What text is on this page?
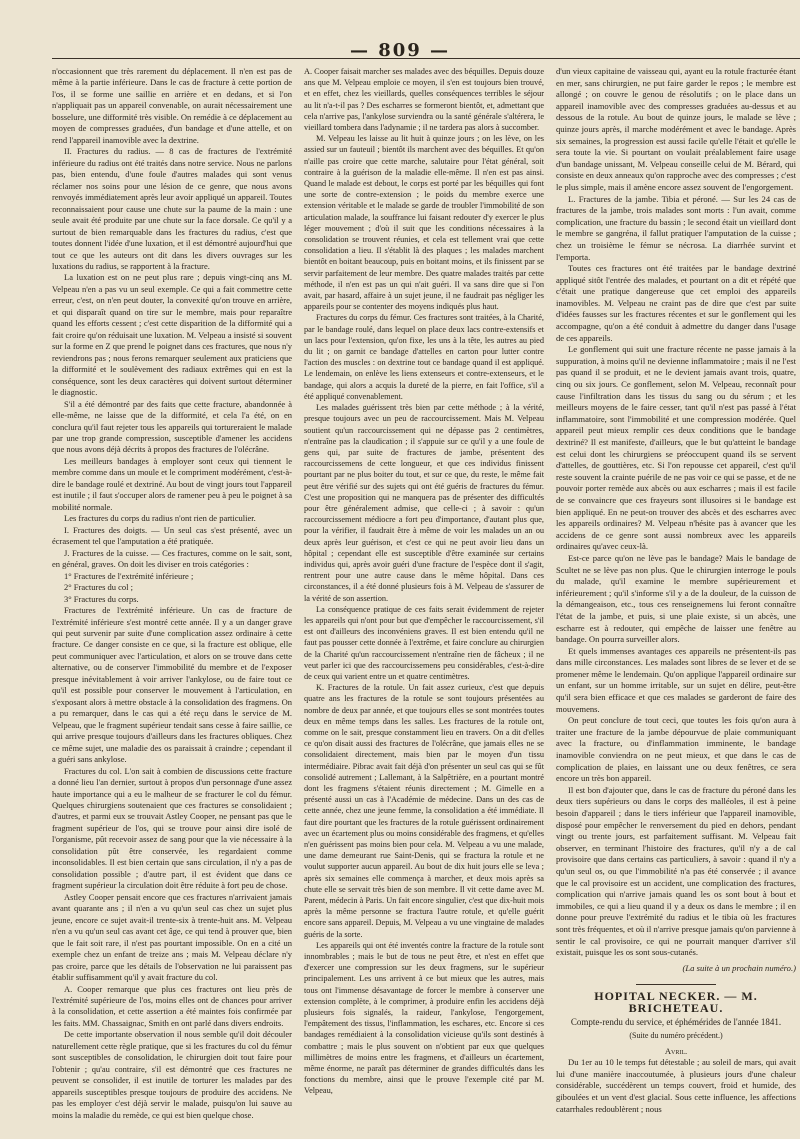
— 809 —

n'occasionnent que très rarement du déplacement. Il n'en est pas de même à la partie inférieure. Dans le cas de fracture à cette portion de l'os, il se forme une saillie en arrière et en dedans, et si l'on n'appliquait pas un appareil convenable, on aurait nécessairement une bosselure, une difformité très visible. On remédie à ce déplacement au moyen de compresses graduées, d'un bandage et d'une attelle, et on rend l'appareil inamovible avec la dextrine.

II. Fractures du radius. — 8 cas de fractures de l'extrémité inférieure du radius ont été traités dans notre service. Nous ne parlons pas, bien entendu, d'une foule d'autres malades qui sont venus réclamer nos soins pour une lésion de ce genre, que nous avons renvoyés immédiatement après leur avoir appliqué un appareil. Toutes reconnaissaient pour cause une chute sur la paume de la main : une seule avait été produite par une chute sur la face dorsale. Ce qu'il y a surtout de bien remarquable dans les fractures du radius, c'est que toutes donnent l'idée d'une luxation, et il est démontré aujourd'hui que tout ce que les auteurs ont dit dans les divers ouvrages sur les luxations du radius, se rapportent à la fracture.

La luxation est on ne peut plus rare ; depuis vingt-cinq ans M. Velpeau n'en a pas vu un seul exemple. Ce qui a fait commettre cette erreur, c'est, on n'en peut douter, la convexité qu'on trouve en arrière, et qui disparaît quand on tire sur le membre, mais pour reparaître quand les efforts cessent ; c'est cette disparition de la difformité qui a fait croire qu'on réduisait une luxation. M. Velpeau a insisté si souvent sur la forme en Z que prend le poignet dans ces fractures, que nous n'y reviendrons pas ; nous ferons remarquer seulement aux praticiens que la difformité et le soulèvement des radiaux extrêmes qui en est la conséquence, sont les deux caractères qui doivent surtout déterminer le diagnostic.

S'il a été démontré par des faits que cette fracture, abandonnée à elle-même, ne laisse que de la difformité, et cela l'a été, on en conclura qu'il faut rejeter tous les appareils qui tortureraient le malade par une trop grande compression, susceptible d'amener les accidens que nous avons déjà décrits à propos des fractures de l'olécrâne.

Les meilleurs bandages à employer sont ceux qui tiennent le membre comme dans un moule et le compriment modérément, c'est-à-dire le bandage roulé et dextriné. Au bout de vingt jours tout l'appareil est inutile ; il faut s'occuper alors de ramener peu à peu le poignet à sa mobilité normale.

Les fractures du corps du radius n'ont rien de particulier.

I. Fractures des doigts. — Un seul cas s'est présenté, avec un écrasement tel que l'amputation a été pratiquée.

J. Fractures de la cuisse. — Ces fractures, comme on le sait, sont, en général, graves. On doit les diviser en trois catégories :

1° Fractures de l'extrémité inférieure ;

2° Fractures du col ;

3° Fractures du corps.

Fractures de l'extrémité inférieure. Un cas de fracture de l'extrémité inférieure s'est montré cette année. Il y a un danger grave qui peut survenir par suite d'une complication assez ordinaire à cette fracture. Ce danger consiste en ce que, si la fracture est oblique, elle peut communiquer avec l'articulation, et alors on se trouve dans cette alternative, ou de conserver l'immobilité du membre et de l'exposer presque inévitablement à voir arriver l'ankylose, ou de faire tout ce qu'il est possible pour conserver le mouvement à l'articulation, en s'exposant alors à mettre obstacle à la consolidation des fragmens. On a pu remarquer, dans le cas qui a été reçu dans le service de M. Velpeau, que le fragment supérieur tendait sans cesse à faire saillie, ce qui arrive presque toujours d'ailleurs dans les fractures obliques. Chez ce même sujet, une maladie des os paraissait à craindre ; cependant il a guéri sans ankylose.

Fractures du col. L'on sait à combien de discussions cette fracture a donné lieu l'an dernier, surtout à propos d'un personnage d'une assez haute importance qui a eu le malheur de se fracturer le col du fémur. Quelques chirurgiens soutenaient que ces fractures se consolidaient ; d'autres, et parmi eux se trouvait Astley Cooper, ne pensant pas que le fragment supérieur de l'os, qui se trouve pour ainsi dire isolé de l'organisme, pût recevoir assez de sang pour que la vie nécessaire à la consolidation pût être conservée, les regardaient comme inconsolidables. Il est bien certain que sans circulation, il n'y a pas de consolidation possible ; d'autre part, il est évident que dans ce fragment supérieur la circulation doit être réduite à fort peu de chose.

Astley Cooper pensait encore que ces fractures n'arrivaient jamais avant quarante ans ; il n'en a vu qu'un seul cas chez un sujet plus jeune, encore ce sujet avait-il trente-six à trente-huit ans. M. Velpeau n'en a vu qu'un seul cas avant cet âge, ce qui tend à prouver que, bien que le fait soit rare, il n'est pas pourtant impossible. On en a cité un exemple chez un enfant de treize ans ; mais M. Velpeau déclare n'y pas croire, parce que les détails de l'observation ne lui paraissent pas établir suffisamment qu'il y avait fracture du col.

A. Cooper remarque que plus ces fractures ont lieu près de l'extrémité supérieure de l'os, moins elles ont de chances pour arriver à la consolidation, et cette assertion a été maintes fois confirmée par les faits. MM. Chassaignac, Smith en ont parlé dans divers endroits.

De cette importante observation il nous semble qu'il doit découler naturellement cette règle pratique, que si les fractures du col du fémur sont susceptibles de consolidation, le chirurgien doit tout faire pour l'obtenir ; qu'au contraire, s'il est démontré que ces fractures ne peuvent se consolider, il est inutile de torturer les malades par des appareils susceptibles presque toujours de produire des accidens. Ne pas les employer c'est déjà servir le malade, puisqu'on lui sauve au moins la maladie du remède, ce qui est bien quelque chose.

A. Cooper faisait marcher ses malades avec des béquilles. Depuis douze ans que M. Velpeau emploie ce moyen, il s'en est toujours bien trouvé, et en effet, chez les vieillards, quelles conséquences terribles le séjour au lit n'a-t-il pas ? Des escharres se formeront bientôt, et, admettant que cela n'arrive pas, l'ankylose surviendra ou la santé générale s'altérera, le vieillard tombera dans l'adynamie ; il ne tardera pas alors à succomber.

M. Velpeau les laisse au lit huit à quinze jours ; on les lève, on les assied sur un fauteuil ; bientôt ils marchent avec des béquilles. Et qu'on n'aille pas croire que cette marche, salutaire pour l'état général, soit contraire à la guérison de la maladie elle-même. Il n'en est pas ainsi. Quand le malade est debout, le corps est porté par les béquilles qui font une sorte de contre-extension ; le poids du membre exerce une extension véritable et le malade se garde de troubler l'immobilité de son articulation malade, la souffrance lui faisant redouter d'y exercer le plus léger mouvement ; d'où il suit que les conditions nécessaires à la consolidation se trouvent réunies, et cela est tellement vrai que cette consolidation a lieu. Il s'établit là des plaques ; les malades marchent bientôt en boitant beaucoup, puis en boitant moins, et ils finissent par se servir parfaitement de leur membre. Des quatre malades traités par cette méthode, il n'en est pas un qui n'ait guéri. Il va sans dire que si l'on avait, par hasard, affaire à un sujet jeune, il ne faudrait pas négliger les appareils pour se contenter des moyens indiqués plus haut.

Fractures du corps du fémur. Ces fractures sont traitées, à la Charité, par le bandage roulé, dans lequel on place deux lacs contre-extensifs et un lacs pour l'extension, qu'on fixe, les uns à la tête, les autres au pied du lit ; on garnit ce bandage d'attelles en carton pour lutter contre l'action des muscles : on dextrine tout ce bandage quand il est appliqué. Le lendemain, on enlève les liens extenseurs et contre-extenseurs, et le bandage, qui alors a acquis la dureté de la pierre, en fait l'office, s'il a été appliqué convenablement.

Les malades guérissent très bien par cette méthode ; à la vérité, presque toujours avec un peu de raccourcissement. Mais M. Velpeau soutient qu'un raccourcissement qui ne dépasse pas 2 centimètres, n'entraîne pas la claudication ; il s'appuie sur ce qu'il y a une foule de gens qui, par suite de fractures de jambe, présentent des raccourcissemens de cette longueur, et que ces individus finissent pourtant par ne plus boiter du tout, et sur ce que, du reste, le même fait peut être vérifié sur des sujets qui ont été guéris de fractures du fémur. C'est une proposition qui ne manquera pas de présenter des difficultés pour être généralement admise, que celle-ci ; à savoir : qu'un raccourcissement médiocre a fort peu d'importance, d'autant plus que, pour la vérifier, il faudrait être à même de voir les malades un an ou deux après leur guérison, et c'est ce qui ne peut avoir lieu dans un hôpital ; cependant elle est susceptible d'être examinée sur certains individus qui, après avoir guéri d'une fracture de l'espèce dont il s'agit, rentrent pour une autre cause dans le même hôpital. Dans ces circonstances, il a été donné plusieurs fois à M. Velpeau de s'assurer de la vérité de son assertion.

La conséquence pratique de ces faits serait évidemment de rejeter les appareils qui n'ont pour but que d'empêcher le raccourcissement, s'il est ont d'ailleurs des inconvéniens graves. Il est bien entendu qu'il ne faut pas pousser cette donnée à l'extrême, et faire conclure au chirurgien de la Charité qu'un raccourcissement n'entraîne rien de fâcheux ; il ne veut parler ici que des raccourcissemens peu considérables, c'est-à-dire de ceux qui varient entre un et quatre centimètres.

K. Fractures de la rotule. Un fait assez curieux, c'est que depuis quatre ans les fractures de la rotule se sont toujours présentées au nombre de deux par année, et que toujours elles se sont montrées toutes deux en même temps dans les salles. Les fractures de la rotule ont, comme on le sait, presque constamment lieu en travers. On a dit d'elles ce qu'on disait aussi des fractures de l'olécrâne, que jamais elles ne se consolidaient directement, mais bien par le moyen d'un tissu intermédiaire. Pibrac avait fait déjà d'on présenter un seul cas qui se fût consolidé autrement ; Lallemant, à la Salpêtrière, en a pourtant montré dont les fragmens s'étaient réunis directement ; M. Gimelle en a présenté aussi un cas à l'Académie de médecine. Dans un des cas de cette année, chez une jeune femme, la consolidation a été immédiate. Il faut dire pourtant que les fractures de la rotule guérissent ordinairement avec un écartement plus ou moins considérable des fragmens, et qu'elles n'en guérissent pas moins bien pour cela. M. Velpeau a vu une malade, une dame demeurant rue Saint-Denis, qui se fractura la rotule et ne voulut supporter aucun appareil. Au bout de dix huit jours elle se leva ; après six semaines elle commença à marcher, et deux mois après sa chute elle se servait très bien de son membre. Il vit cette dame avec M. Parent, médecin à Paris. Un fait encore singulier, c'est que dix-huit mois après la même personne se fractura l'autre rotule, et qu'elle guérit encore sans appareil. Depuis, M. Velpeau a vu une vingtaine de malades guéris de la sorte.

Les appareils qui ont été inventés contre la fracture de la rotule sont innombrables ; mais le but de tous ne peut être, et n'est en effet que d'exercer une compression sur les deux fragmens, sur le supérieur principalement. Les uns arrivent à ce but mieux que les autres, mais tous ont l'immense désavantage de forcer le membre à conserver une extension complète, à le comprimer, à produire enfin les accidens déjà plusieurs fois signalés, la raideur, l'ankylose, l'engorgement, l'empâtement des tissus, l'inflammation, les eschares, etc. Encore si ces bandages remédiaient à la consolidation vicieuse qu'ils sont destinés à combattre ; mais le plus souvent on n'obtient par eux que quelques millimètres de moins entre les fragmens, et d'ailleurs un écartement, même énorme, ne paraît pas déterminer de grandes difficultés dans les fonctions du membre, ainsi que le prouve l'exemple cité par M. Velpeau,

d'un vieux capitaine de vaisseau qui, ayant eu la rotule fracturée étant en mer, sans chirurgien, ne put faire garder le repos ; le membre est allongé ; on couvre le genou de résolutifs ; on le place dans un appareil inamovible avec des compresses graduées au-dessus et au dessous de la rotule. Au bout de quinze jours, le malade se lève ; quinze jours après, il marche modérément et avec le bandage. Après six semaines, la progression est aussi facile qu'elle l'était et qu'elle le sera toute la vie. Si pourtant on voulait préalablement faire usage d'un bandage unissant, M. Velpeau conseille celui de M. Bérard, qui consiste en deux anneaux qu'on rapproche avec des compresses ; c'est le plus simple, mais il amène encore assez souvent de l'engorgement.

L. Fractures de la jambe. Tibia et péroné. — Sur les 24 cas de fractures de la jambe, trois malades sont morts : l'un avait, comme complication, une fracture du bassin ; le second était un vieillard dont le membre se gangréna, il fallut pratiquer l'amputation de la cuisse ; chez un troisième le fémur se nécrosa. La diarrhée survint et l'emporta.

Toutes ces fractures ont été traitées par le bandage dextriné appliqué sitôt l'entrée des malades, et pourtant on a dit et répété que c'était une pratique dangereuse que cet emploi des appareils inamovibles. M. Velpeau ne craint pas de dire que c'est par suite d'idées fausses sur les fractures récentes et sur le gonflement qui les accompagne, qu'on a été conduit à admettre du danger dans l'usage de ces appareils.

Le gonflement qui suit une fracture récente ne passe jamais à la suppuration, à moins qu'il ne devienne inflammatoire ; mais il ne l'est pas quand il se produit, et ne le devient jamais avant trois, quatre, cinq ou six jours. Ce gonflement, selon M. Velpeau, reconnaît pour cause l'infiltration dans les tissus du sang ou du sérum ; et les meilleurs moyens de le faire cesser, tant qu'il n'est pas passé à l'état inflammatoire, sont l'immobilité et une compression modérée. Quel appareil peut mieux remplir ces deux conditions que le bandage dextriné? Il est manifeste, d'ailleurs, que le but qu'atteint le bandage est celui dont les chirurgiens se préoccupent quand ils se servent d'attelles, de gouttières, etc. Si l'on repousse cet appareil, c'est qu'il reste souvent la crainte puérile de ne pas voir ce qui se passe, et de ne pouvoir porter remède aux abcès ou aux escharres ; mais il est facile de se convaincre que ces frayeurs sont illusoires si le bandage est bien appliqué. En ne peut-on trouver des abcès et des escharres avec les appareils ordinaires? M. Velpeau n'hésite pas à avancer que les accidens de ce genre sont aussi nombreux avec les appareils ordinaires qu'avec ceux-là.

Est-ce parce qu'on ne lève pas le bandage? Mais le bandage de Scultet ne se lève pas non plus. Que le chirurgien interroge le pouls du malade, qu'il examine le membre supérieurement et inférieurement ; qu'il s'informe s'il y a de la douleur, de la cuisson de la démangeaison, etc., tous ces renseignemens lui feront connaître l'état de la jambe, et puis, si une plaie existe, si un abcès, une escharre est à redouter, qui empêche de laisser une fenêtre au bandage. On pourra surveiller alors.

Et quels immenses avantages ces appareils ne présentent-ils pas dans mille circonstances. Les malades sont libres de se lever et de se promener même le lendemain. Qu'on applique l'appareil ordinaire sur un enfant, sur un homme irritable, sur un sujet en délire, peut-être qu'il sera bien efficace et que ces malades se garderont de faire des mouvemens.

On peut conclure de tout ceci, que toutes les fois qu'on aura à traiter une fracture de la jambe dépourvue de plaie communiquant avec la fracture, ou d'inflammation imminente, le bandage inamovible conviendra on ne peut mieux, et que dans le cas de complication de plaies, en laissant une ou deux fenêtres, ce sera encore un très bon appareil.

Il est bon d'ajouter que, dans le cas de fracture du péroné dans les deux tiers supérieurs ou dans le corps des malléoles, il est à peine besoin d'appareil ; dans le tiers inférieur que l'appareil inamovible, disposé pour empêcher le renversement du pied en dehors, pendant vingt ou trente jours, est parfaitement suffisant. M. Velpeau fait observer, en terminant l'histoire des fractures, qu'il n'y a de cal provisoire que dans certains cas particuliers, à savoir : quand il n'y a qu'un seul os, ou que l'immobilité n'a pas été conservée ; il avance que le cal provisoire est un accident, une complication des fractures, complication qui n'arrive jamais quand les os sont bout à bout et immobiles, ce qui a lieu quand il y a deux os dans le membre ; il en donne pour preuve l'extrémité du radius et le tibia où les fractures sont très fréquentes, et où il n'arrive presque jamais qu'on parvienne à sentir le cal provisoire, ce qui ne pourrait manquer d'arriver s'il existait, puisque les os sont sous-cutanés.

(La suite à un prochain numéro.)

HOPITAL NECKER. — M. BRICHETEAU.
Compte-rendu du service, et éphémérides de l'année 1841.
(Suite du numéro précédent.)
Avril.

Du 1er au 10 le temps fut détestable ; au soleil de mars, qui avait lui d'une manière inaccoutumée, à plusieurs jours d'une chaleur considérable, succédèrent un temps couvert, froid et humide, des giboulées et un vent d'est glacial. Sous cette influence, les affections catarrhales redoublèrent ; nous
